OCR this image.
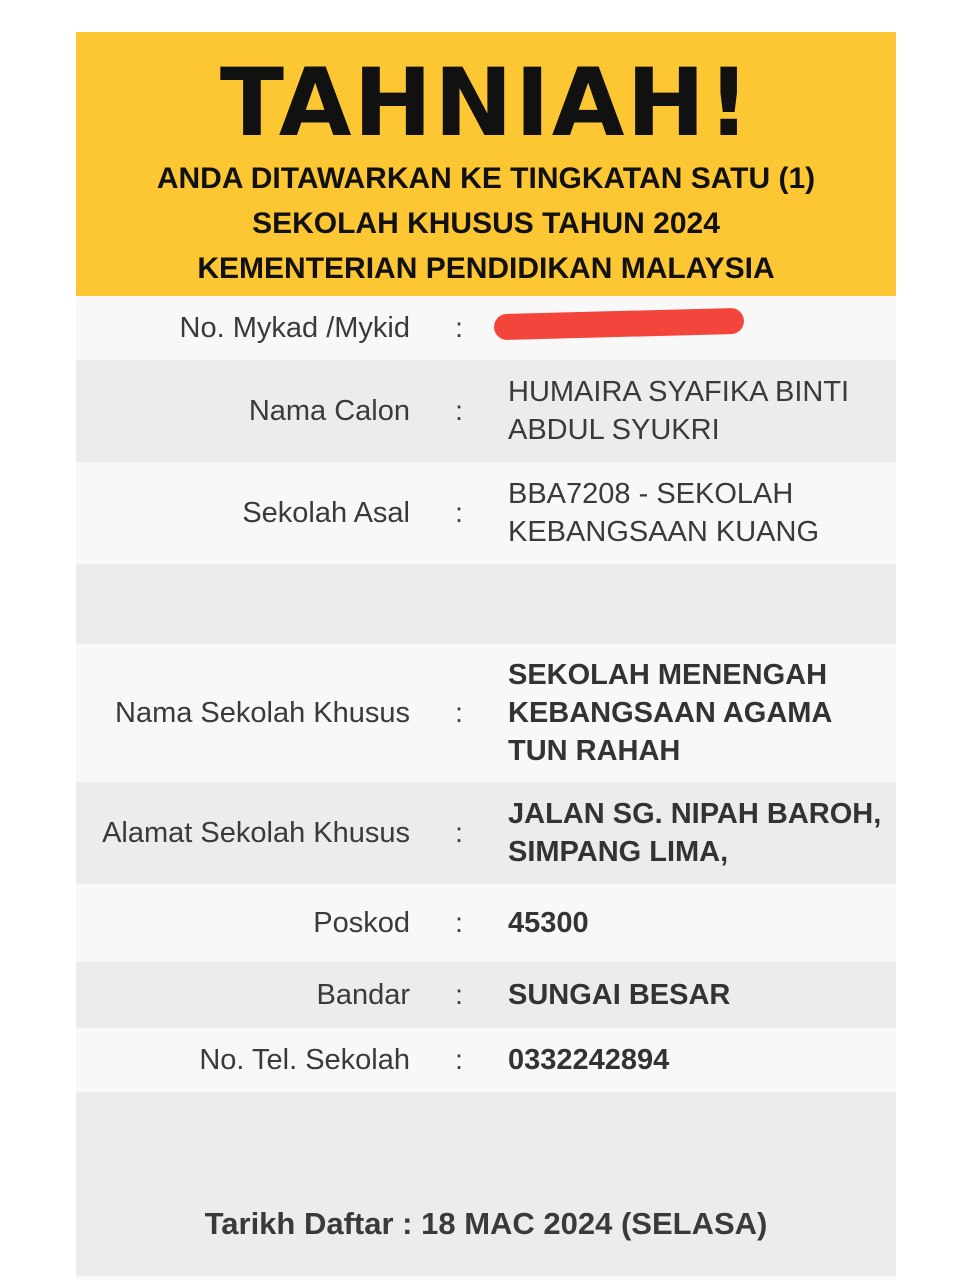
TAHNIAH!
ANDA DITAWARKAN KE TINGKATAN SATU (1)
SEKOLAH KHUSUS TAHUN 2024
KEMENTERIAN PENDIDIKAN MALAYSIA
No. Mykad /Mykid	:
Nama Calon	:
HUMAIRA SYAFIKA BINTI ABDUL SYUKRI
Sekolah Asal	:
BBA7208 - SEKOLAH KEBANGSAAN KUANG
Nama Sekolah Khusus	:
SEKOLAH MENENGAH KEBANGSAAN AGAMA TUN RAHAH
Alamat Sekolah Khusus	:
JALAN SG. NIPAH BAROH, SIMPANG LIMA,
Poskod	:	45300
Bandar	:	SUNGAI BESAR
No. Tel. Sekolah	:	0332242894
Tarikh Daftar : 18 MAC 2024 (SELASA)
